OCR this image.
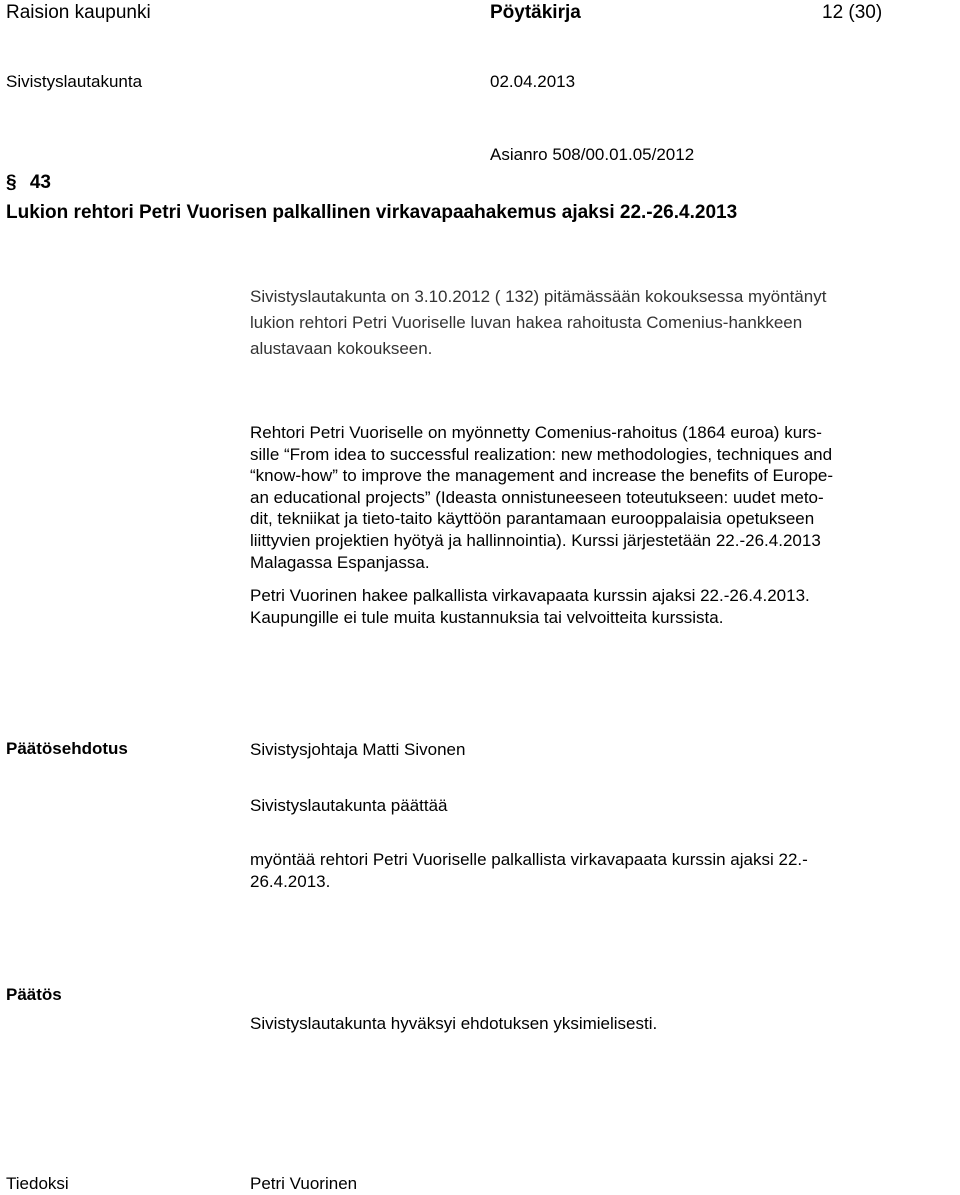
Raision kaupunki	Pöytäkirja	12 (30)
Sivistyslautakunta	02.04.2013
Asianro 508/00.01.05/2012
§ 43
Lukion rehtori Petri Vuorisen palkallinen virkavapaahakemus ajaksi 22.-26.4.2013
Sivistyslautakunta on 3.10.2012 ( 132) pitämässään kokouksessa myöntänyt
lukion rehtori Petri Vuoriselle luvan hakea rahoitusta Comenius-hankkeen
alustavaan kokoukseen.
Rehtori Petri Vuoriselle on myönnetty Comenius-rahoitus (1864 euroa) kurs-
sille “From idea to successful realization: new methodologies, techniques and
“know-how” to improve the management and increase the benefits of Europe-
an educational projects” (Ideasta onnistuneeseen toteutukseen: uudet meto-
dit, tekniikat ja tieto-taito käyttöön parantamaan eurooppalaisia opetukseen
liittyvien projektien hyötyä ja hallinnointia). Kurssi järjestetään 22.-26.4.2013
Malagassa Espanjassa.
Petri Vuorinen hakee palkallista virkavapaata kurssin ajaksi 22.-26.4.2013.
Kaupungille ei tule muita kustannuksia tai velvoitteita kurssista.
Päätösehdotus	Sivistysjohtaja Matti Sivonen
Sivistyslautakunta päättää
myöntää rehtori Petri Vuoriselle palkallista virkavapaata kurssin ajaksi 22.-
26.4.2013.
Päätös
Sivistyslautakunta hyväksyi ehdotuksen yksimielisesti.
Tiedoksi	Petri Vuorinen
